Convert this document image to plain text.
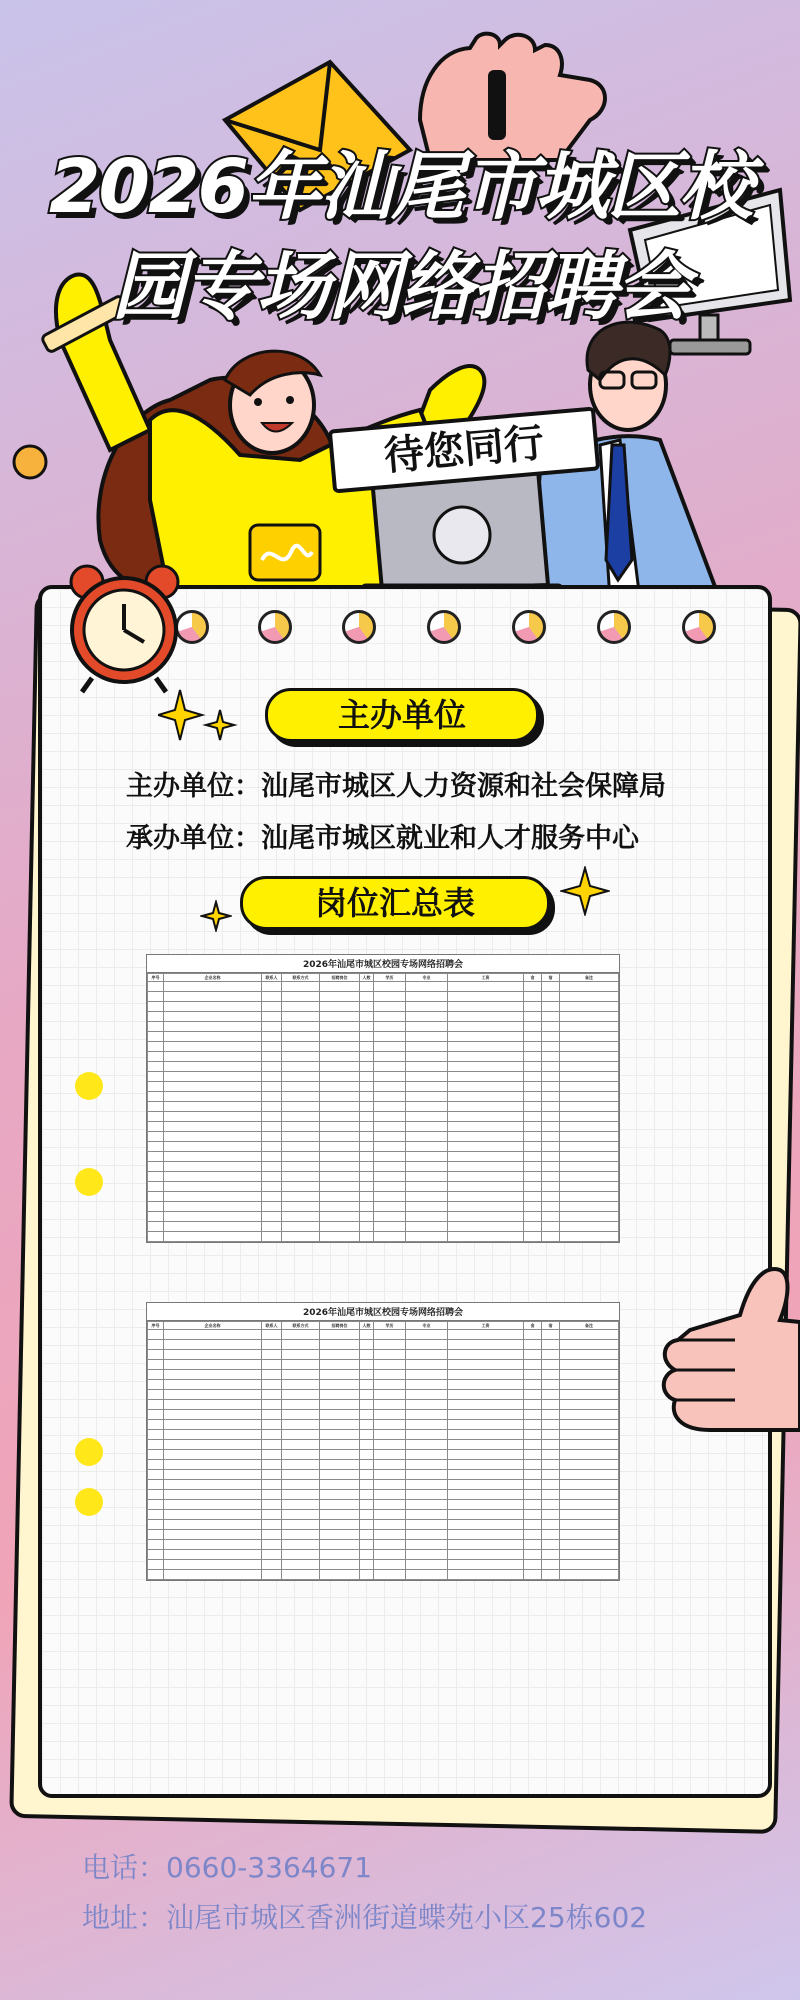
2026年汕尾市城区校
园专场网络招聘会
待您同行
主办单位
主办单位：汕尾市城区人力资源和社会保障局
承办单位：汕尾市城区就业和人才服务中心
岗位汇总表
2026年汕尾市城区校园专场网络招聘会
序号	企业名称	联系人	联系方式	招聘岗位	人数	学历	专业	工资	食	宿	备注

2026年汕尾市城区校园专场网络招聘会
序号	企业名称	联系人	联系方式	招聘岗位	人数	学历	专业	工资	食	宿	备注

电话：0660-3364671
地址：汕尾市城区香洲街道蝶苑小区25栋602
